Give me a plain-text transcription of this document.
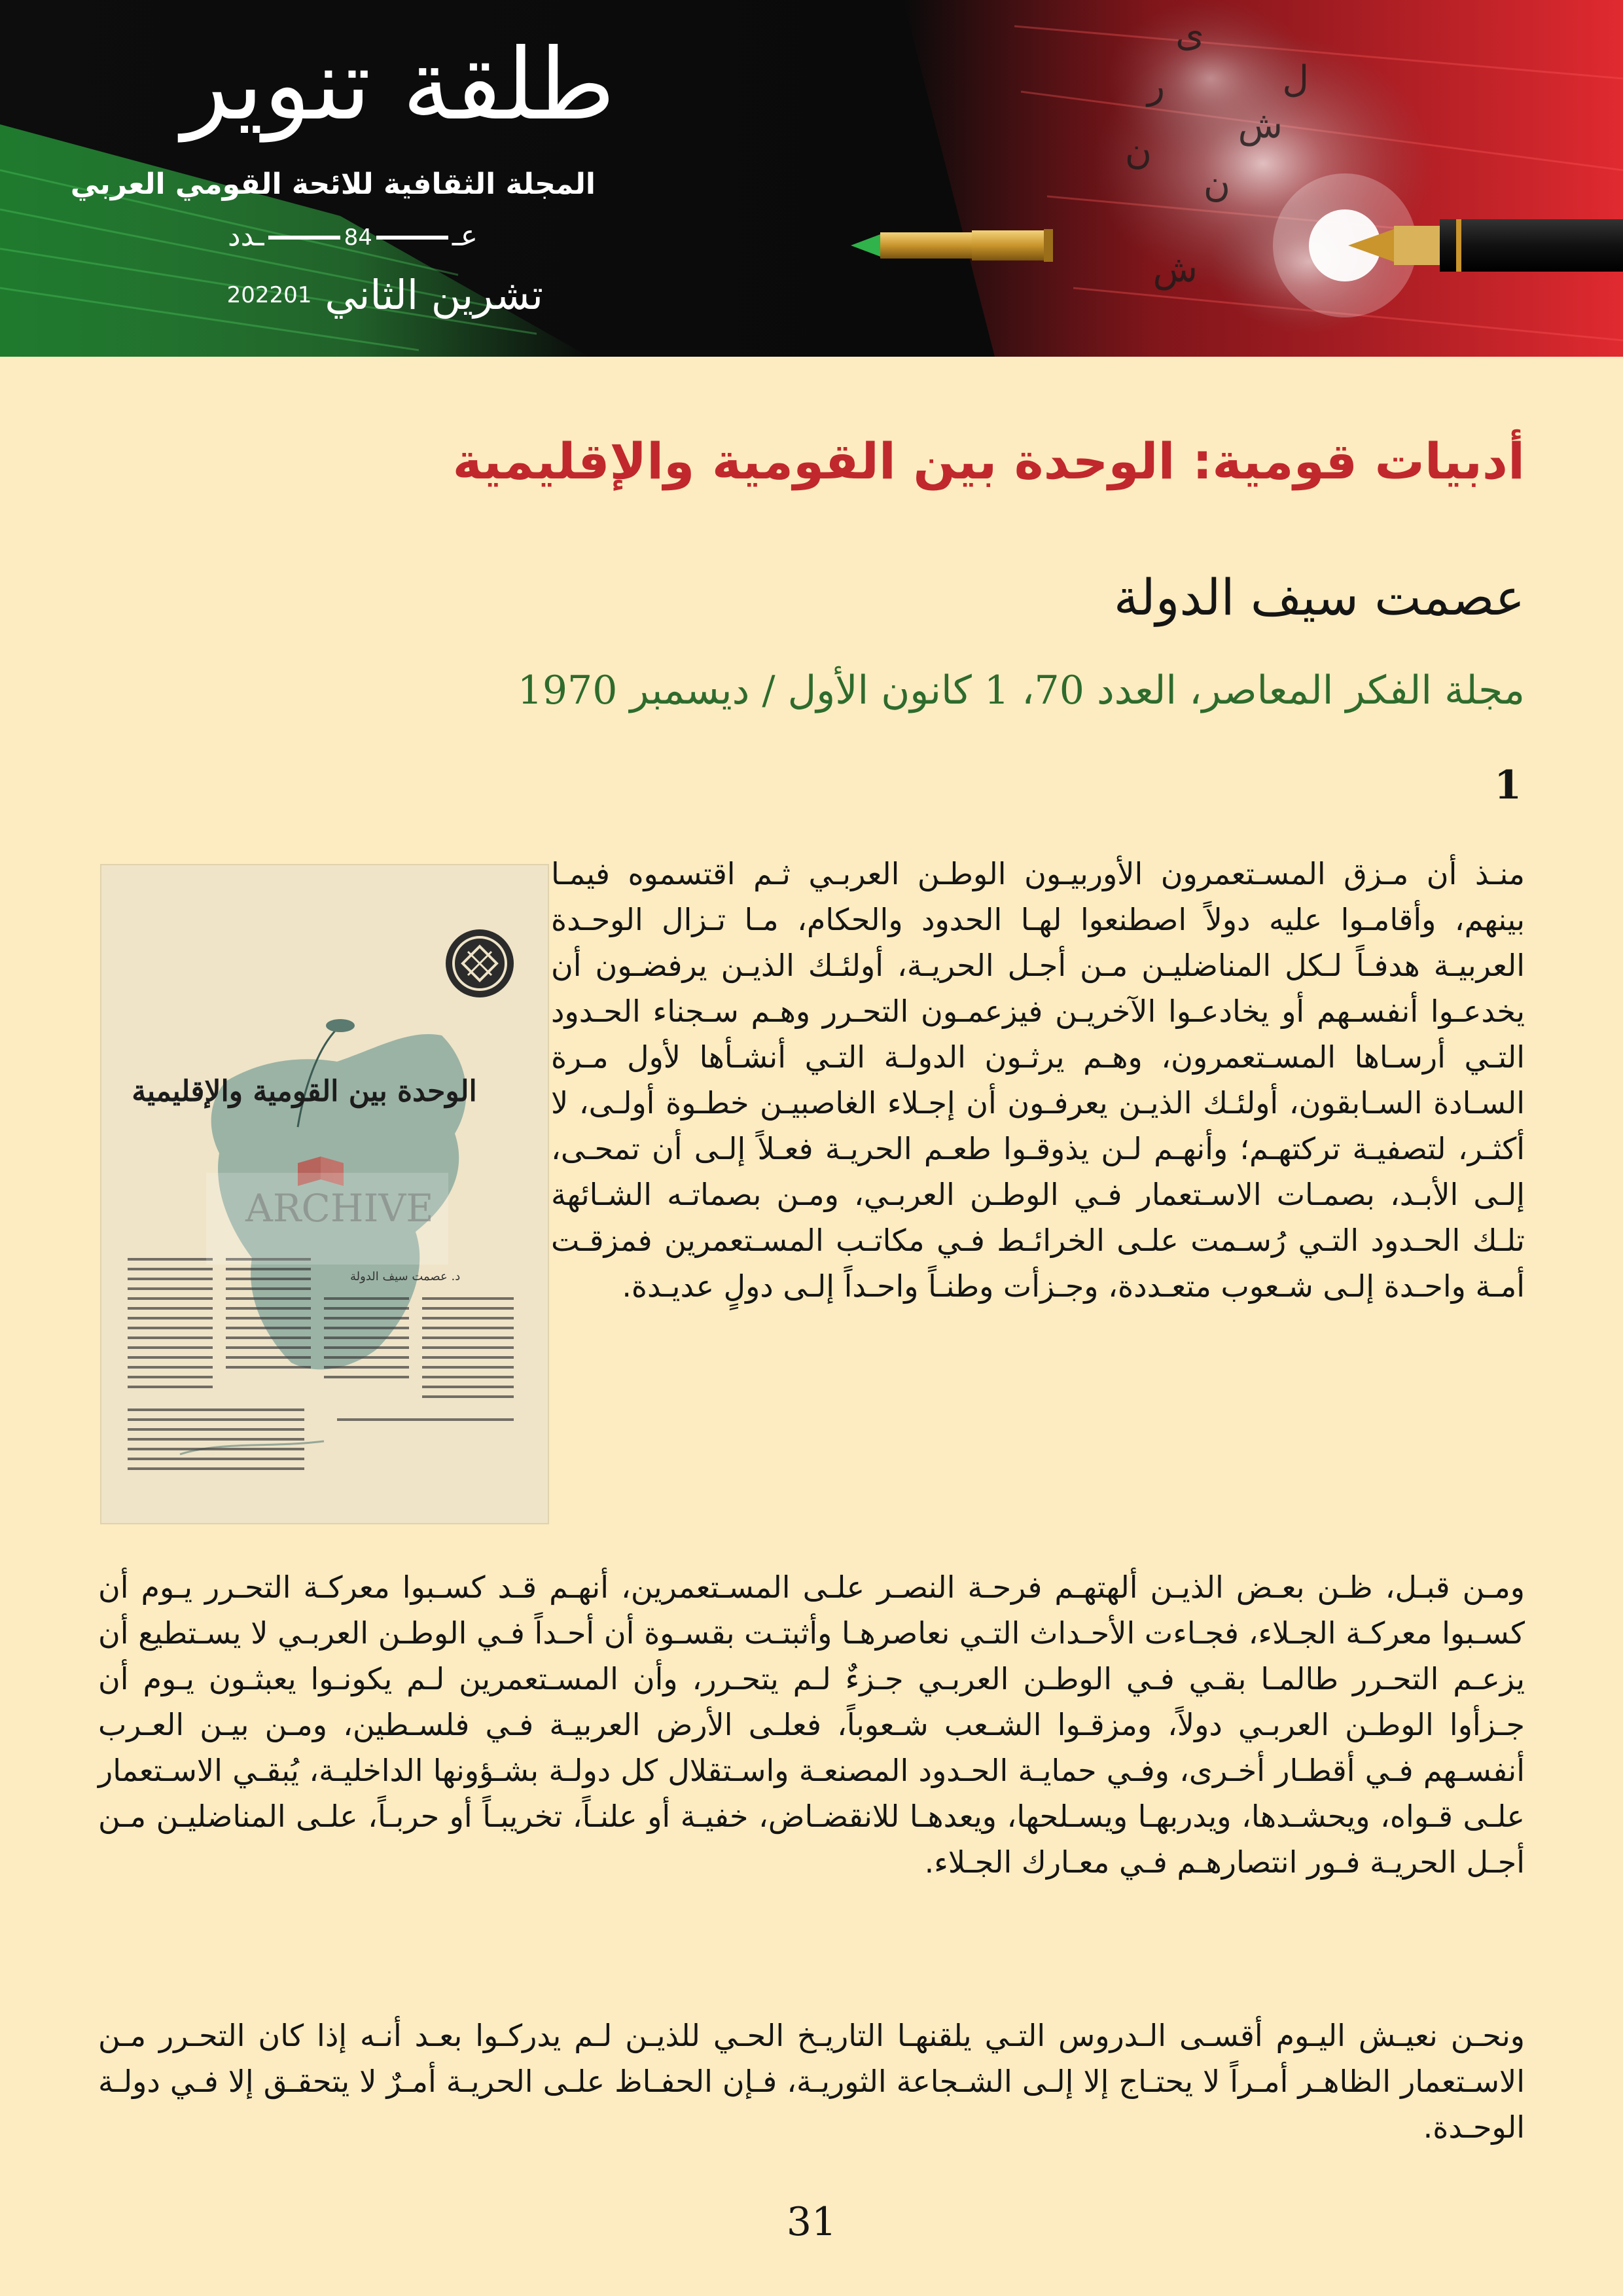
ى
ر
ش
ن
ن
ش
ل
طلقة تنوير
المجلة الثقافية للائحة القومي العربي
عـ84ـدد
2022 تشرين الثاني01
أدبيات قومية: الوحدة بين القومية والإقليمية
عصمت سيف الدولة
مجلة الفكر المعاصر، العدد 70، 1 كانون الأول / ديسمبر 1970
1

منـذ أن مـزق المسـتعمرون الأوربيـون الوطـن العربـي ثـم اقتسموه فيمـا بينهم، وأقامـوا عليه دولاً اصطنعوا لهـا الحدود والحكام، مـا تـزال الوحـدة العربيـة هدفـاً لـكل المناضليـن مـن أجـل الحريـة، أولئـك الذيـن يرفضـون أن يخدعـوا أنفسـهم أو يخادعـوا الآخريـن فيزعمـون التحـرر وهـم سـجناء الحـدود التـي أرسـاها المسـتعمرون، وهـم يرثـون الدولـة التـي أنشـأها لأول مـرة السـادة السـابقون، أولئـك الذيـن يعرفـون أن إجـلاء الغاصبيـن خطـوة أولـى، لا أكثـر، لتصفيـة تركتهـم؛ وأنهـم لـن يذوقـوا طعـم الحريـة فعـلاً إلـى أن تمحـى، إلـى الأبـد، بصمـات الاسـتعمار فـي الوطـن العربـي، ومـن بصماتـه الشـائهة تلـك الحـدود التـي رُسـمت علـى الخرائـط فـي مكاتـب المسـتعمرين فمزقـت أمـة واحـدة إلـى شـعوب متعـددة، وجـزأت وطنـاً واحـداً إلـى دولٍ عديـدة.

ومـن قبـل، ظـن بعـض الذيـن ألهتهـم فرحـة النصـر علـى المسـتعمرين، أنهـم قـد كسـبوا معركـة التحـرر يـوم أن كسـبوا معركـة الجـلاء، فجـاءت الأحـداث التـي نعاصرهـا وأثبتـت بقسـوة أن أحـداً فـي الوطـن العربـي لا يسـتطيع أن يزعـم التحـرر طالمـا بقـي فـي الوطـن العربـي جـزءٌ لـم يتحـرر، وأن المسـتعمرين لـم يكونـوا يعبثـون يـوم أن جـزأوا الوطـن العربـي دولاً، ومزقـوا الشـعب شـعوباً، فعلـى الأرض العربيـة فـي فلسـطين، ومـن بيـن العـرب أنفسـهم فـي أقطـار أخـرى، وفـي حمايـة الحـدود المصنعـة واسـتقلال كل دولـة بشـؤونها الداخليـة، يُبقـي الاسـتعمار علـى قـواه، ويحشـدها، ويدربهـا ويسـلحها، ويعدهـا للانقضـاض، خفيـة أو علنـاً، تخريبـاً أو حربـاً، علـى المناضليـن مـن أجـل الحريـة فـور انتصارهـم فـي معـارك الجـلاء.

ونحـن نعيـش اليـوم أقسـى الـدروس التـي يلقنهـا التاريـخ الحـي للذيـن لـم يدركـوا بعـد أنـه إذا كان التحـرر مـن الاسـتعمار الظاهـر أمـراً لا يحتـاج إلا إلـى الشـجاعة الثوريـة، فـإن الحفـاظ علـى الحريـة أمـرٌ لا يتحقـق إلا فـي دولـة الوحـدة.

الوحدة بين القومية والإقليمية
ARCHIVE
د. عصمت سيف الدولة
31
